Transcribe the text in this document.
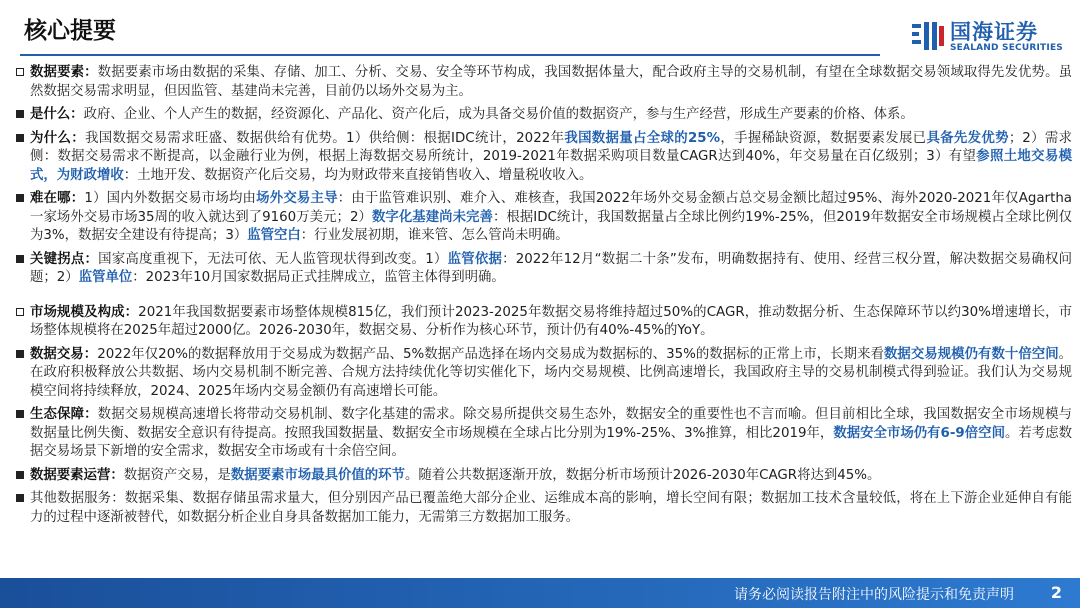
核心提要	国海证券
SEALAND SECURITIES
数据要素：数据要素市场由数据的采集、存储、加工、分析、交易、安全等环节构成，我国数据体量大，配合政府主导的交易机制，有望在全球数据交易领域取得先发优势。虽然数据交易需求明显，但因监管、基建尚未完善，目前仍以场外交易为主。
是什么：政府、企业、个人产生的数据，经资源化、产品化、资产化后，成为具备交易价值的数据资产，参与生产经营，形成生产要素的价格、体系。
为什么：我国数据交易需求旺盛、数据供给有优势。1）供给侧：根据IDC统计，2022年我国数据量占全球的25%，手握稀缺资源，数据要素发展已具备先发优势；2）需求侧：数据交易需求不断提高，以金融行业为例，根据上海数据交易所统计，2019-2021年数据采购项目数量CAGR达到40%，年交易量在百亿级别；3）有望参照土地交易模式，为财政增收：土地开发、数据资产化后交易，均为财政带来直接销售收入、增量税收收入。
难在哪：1）国内外数据交易市场均由场外交易主导：由于监管难识别、难介入、难核查，我国2022年场外交易金额占总交易金额比超过95%、海外2020-2021年仅Agartha一家场外交易市场35周的收入就达到了9160万美元；2）数字化基建尚未完善：根据IDC统计，我国数据量占全球比例约19%-25%，但2019年数据安全市场规模占全球比例仅为3%，数据安全建设有待提高；3）监管空白：行业发展初期，谁来管、怎么管尚未明确。
关键拐点：国家高度重视下，无法可依、无人监管现状得到改变。1）监管依据：2022年12月“数据二十条”发布，明确数据持有、使用、经营三权分置，解决数据交易确权问题；2）监管单位：2023年10月国家数据局正式挂牌成立，监管主体得到明确。
市场规模及构成：2021年我国数据要素市场整体规模815亿，我们预计2023-2025年数据交易将维持超过50%的CAGR，推动数据分析、生态保障环节以约30%增速增长，市场整体规模将在2025年超过2000亿。2026-2030年，数据交易、分析作为核心环节，预计仍有40%-45%的YoY。
数据交易：2022年仅20%的数据释放用于交易成为数据产品、5%数据产品选择在场内交易成为数据标的、35%的数据标的正常上市，长期来看数据交易规模仍有数十倍空间。在政府积极释放公共数据、场内交易机制不断完善、合规方法持续优化等切实催化下，场内交易规模、比例高速增长，我国政府主导的交易机制模式得到验证。我们认为交易规模空间将持续释放，2024、2025年场内交易金额仍有高速增长可能。
生态保障：数据交易规模高速增长将带动交易机制、数字化基建的需求。除交易所提供交易生态外，数据安全的重要性也不言而喻。但目前相比全球，我国数据安全市场规模与数据量比例失衡、数据安全意识有待提高。按照我国数据量、数据安全市场规模在全球占比分别为19%-25%、3%推算，相比2019年，数据安全市场仍有6-9倍空间。若考虑数据交易场景下新增的安全需求，数据安全市场或有十余倍空间。
数据要素运营：数据资产交易，是数据要素市场最具价值的环节。随着公共数据逐渐开放，数据分析市场预计2026-2030年CAGR将达到45%。
其他数据服务：数据采集、数据存储虽需求量大，但分别因产品已覆盖绝大部分企业、运维成本高的影响，增长空间有限；数据加工技术含量较低，将在上下游企业延伸自有能力的过程中逐渐被替代，如数据分析企业自身具备数据加工能力，无需第三方数据加工服务。
请务必阅读报告附注中的风险提示和免责声明 2
